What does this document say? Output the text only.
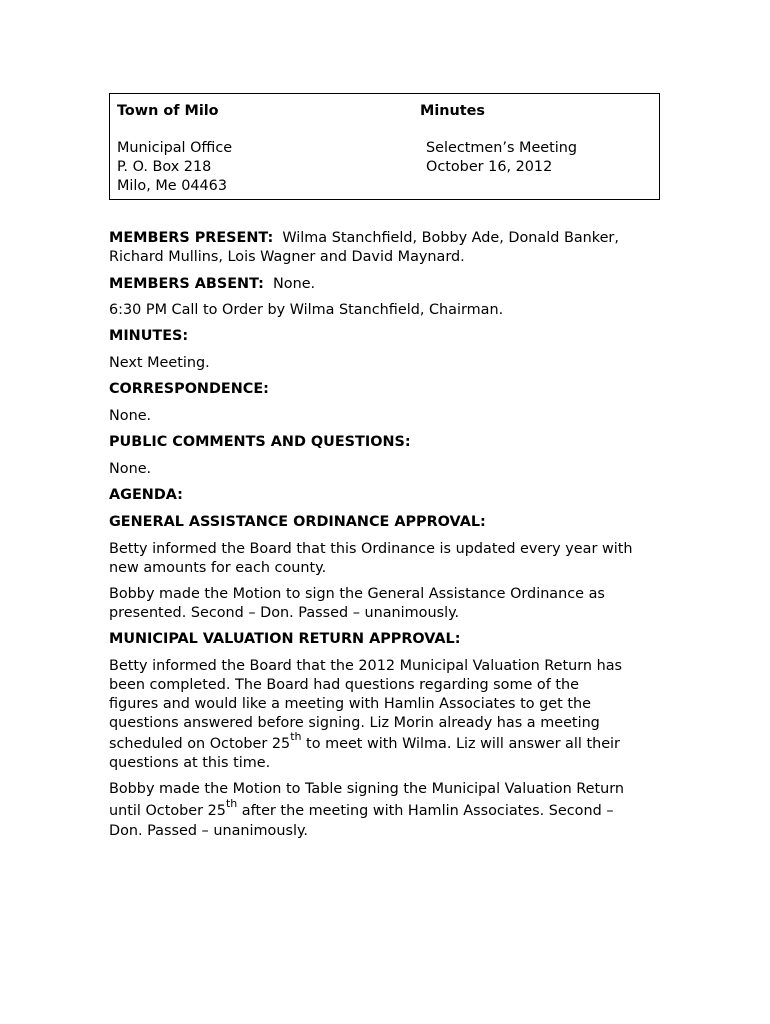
Town of Milo	Minutes
Municipal Office
P. O. Box 218
Milo, Me 04463
Selectmen’s Meeting
October 16, 2012
MEMBERS PRESENT: Wilma Stanchfield, Bobby Ade, Donald Banker,
Richard Mullins, Lois Wagner and David Maynard.
MEMBERS ABSENT: None.
6:30 PM Call to Order by Wilma Stanchfield, Chairman.
MINUTES:
Next Meeting.
CORRESPONDENCE:
None.
PUBLIC COMMENTS AND QUESTIONS:
None.
AGENDA:
GENERAL ASSISTANCE ORDINANCE APPROVAL:
Betty informed the Board that this Ordinance is updated every year with
new amounts for each county.
Bobby made the Motion to sign the General Assistance Ordinance as
presented. Second – Don. Passed – unanimously.
MUNICIPAL VALUATION RETURN APPROVAL:
Betty informed the Board that the 2012 Municipal Valuation Return has
been completed. The Board had questions regarding some of the
figures and would like a meeting with Hamlin Associates to get the
questions answered before signing. Liz Morin already has a meeting
scheduled on October 25th to meet with Wilma. Liz will answer all their
questions at this time.
Bobby made the Motion to Table signing the Municipal Valuation Return
until October 25th after the meeting with Hamlin Associates. Second –
Don. Passed – unanimously.
